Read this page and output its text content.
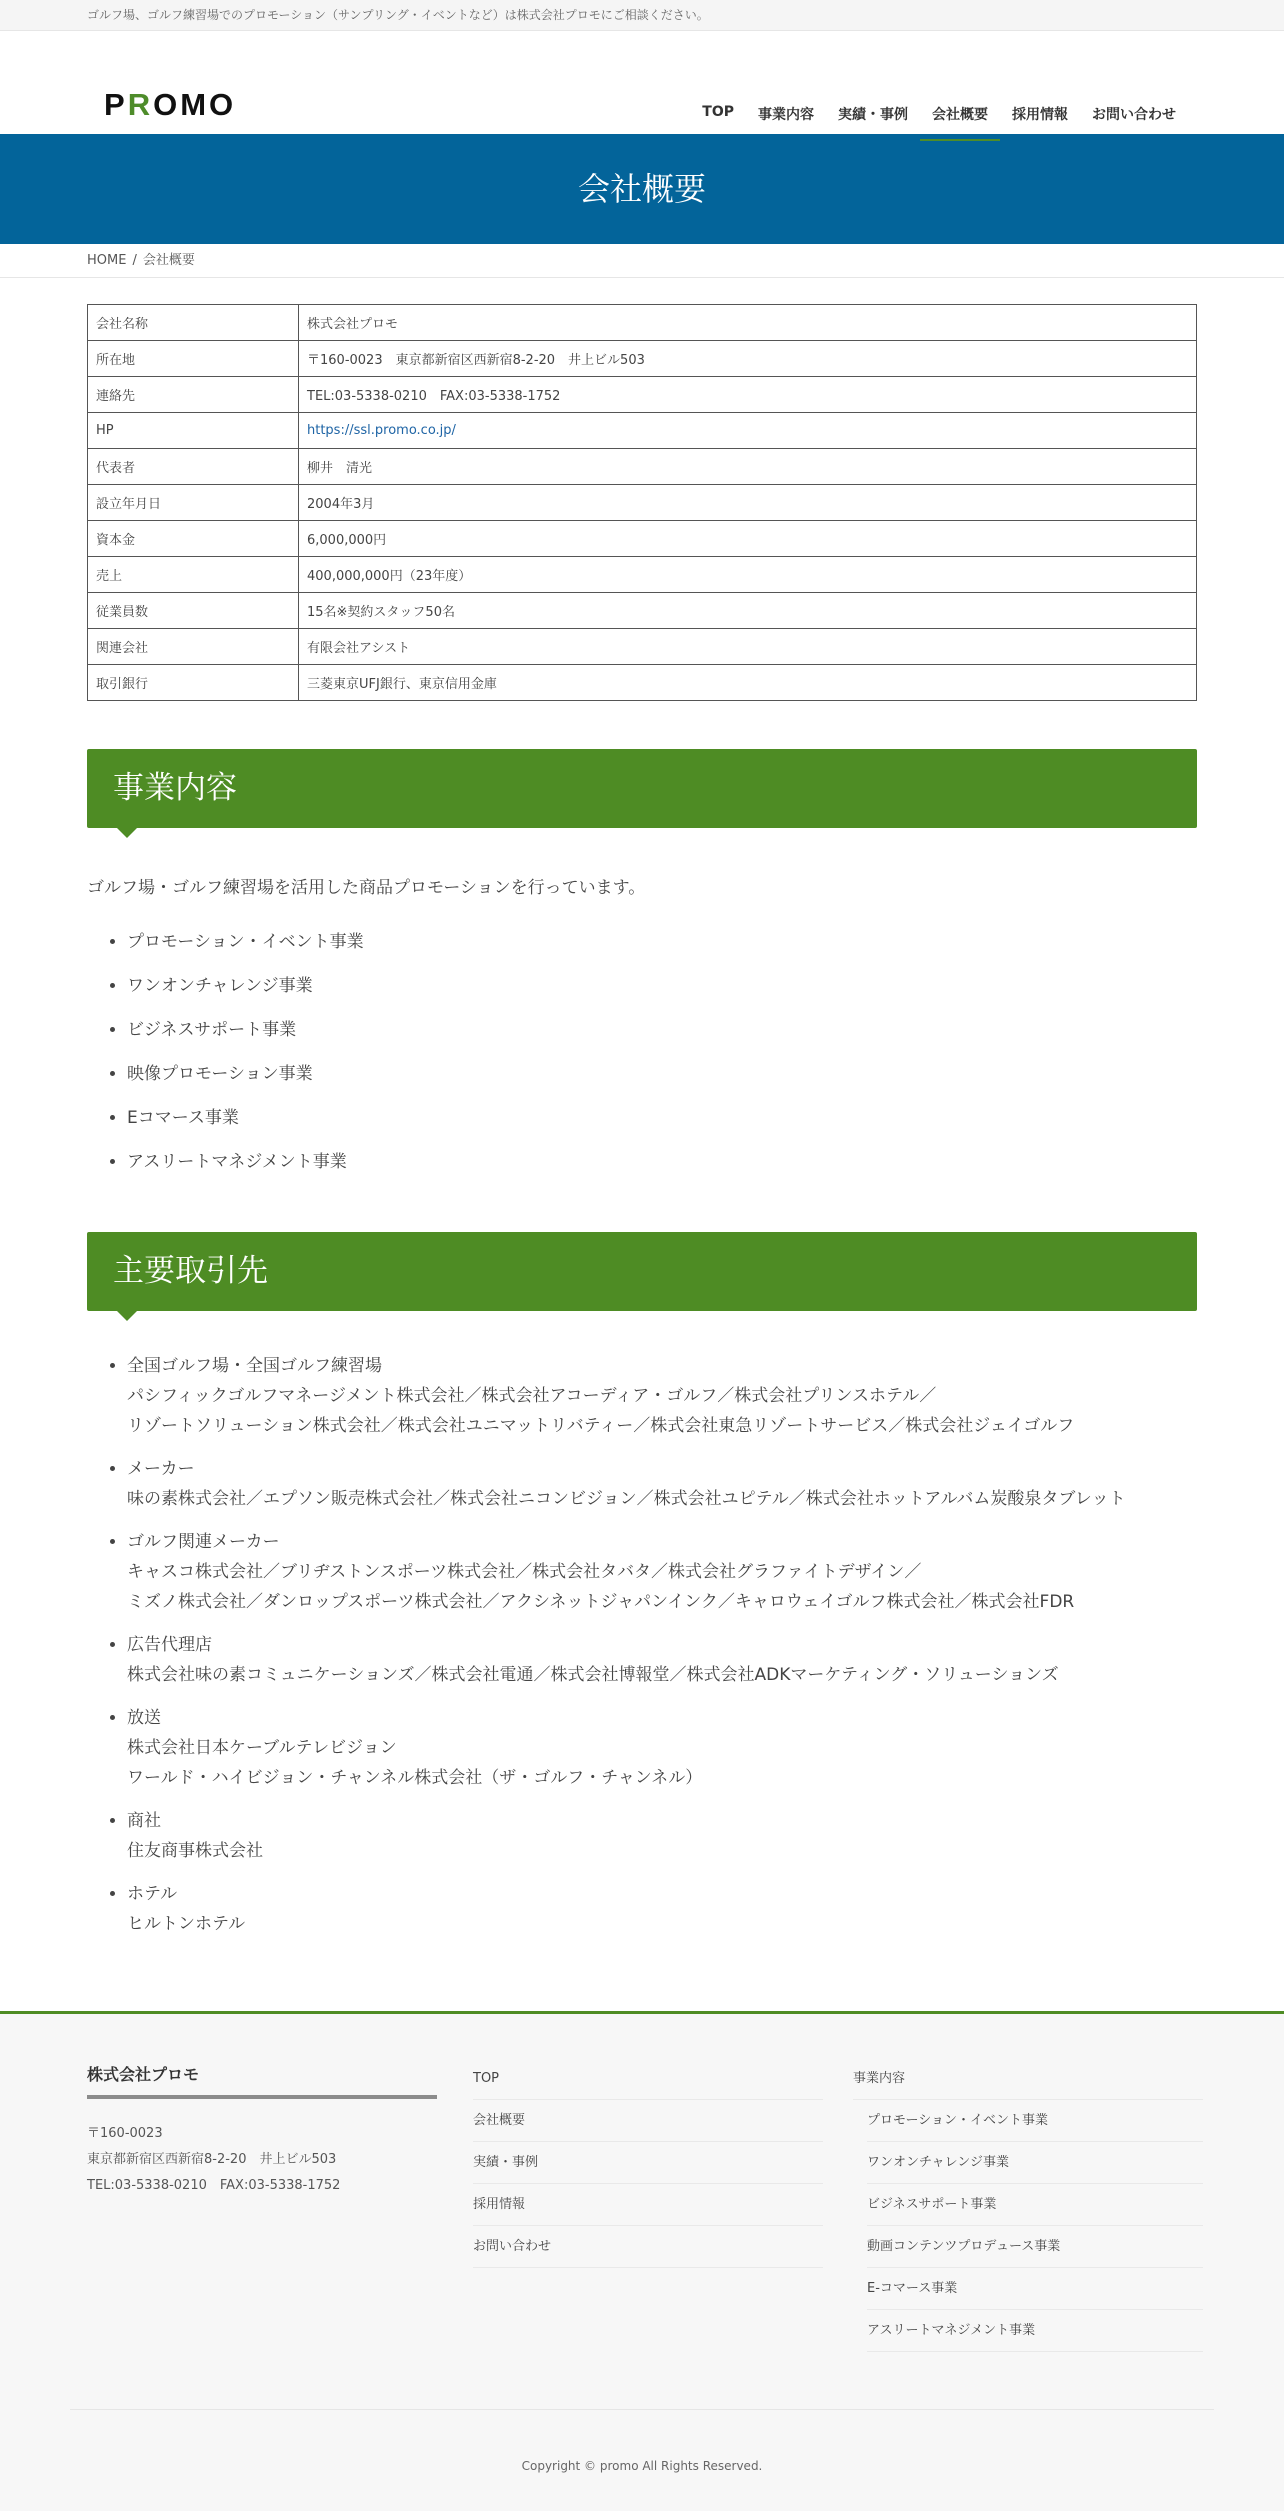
ゴルフ場、ゴルフ練習場でのプロモーション（サンプリング・イベントなど）は株式会社プロモにご相談ください。
PROMO	TOP	事業内容	実績・事例	会社概要	採用情報	お問い合わせ
会社概要
HOME / 会社概要
会社名称	株式会社プロモ
所在地	〒160-0023　東京都新宿区西新宿8-2-20　井上ビル503
連絡先	TEL:03-5338-0210　FAX:03-5338-1752
HP	https://ssl.promo.co.jp/
代表者	柳井　清光
設立年月日	2004年3月
資本金	6,000,000円
売上	400,000,000円（23年度）
従業員数	15名※契約スタッフ50名
関連会社	有限会社アシスト
取引銀行	三菱東京UFJ銀行、東京信用金庫
事業内容

ゴルフ場・ゴルフ練習場を活用した商品プロモーションを行っています。

• プロモーション・イベント事業
• ワンオンチャレンジ事業
• ビジネスサポート事業
• 映像プロモーション事業
• Eコマース事業
• アスリートマネジメント事業
主要取引先
• 全国ゴルフ場・全国ゴルフ練習場
パシフィックゴルフマネージメント株式会社／株式会社アコーディア・ゴルフ／株式会社プリンスホテル／
リゾートソリューション株式会社／株式会社ユニマットリバティー／株式会社東急リゾートサービス／株式会社ジェイゴルフ
• メーカー
味の素株式会社／エプソン販売株式会社／株式会社ニコンビジョン／株式会社ユピテル／株式会社ホットアルバム炭酸泉タブレット
• ゴルフ関連メーカー
キャスコ株式会社／ブリヂストンスポーツ株式会社／株式会社タバタ／株式会社グラファイトデザイン／
ミズノ株式会社／ダンロップスポーツ株式会社／アクシネットジャパンインク／キャロウェイゴルフ株式会社／株式会社FDR
• 広告代理店
株式会社味の素コミュニケーションズ／株式会社電通／株式会社博報堂／株式会社ADKマーケティング・ソリューションズ
• 放送
株式会社日本ケーブルテレビジョン
ワールド・ハイビジョン・チャンネル株式会社（ザ・ゴルフ・チャンネル）
• 商社
住友商事株式会社
• ホテル
ヒルトンホテル
株式会社プロモ
〒160-0023
東京都新宿区西新宿8-2-20　井上ビル503
TEL:03-5338-0210　FAX:03-5338-1752
TOP
会社概要
実績・事例
採用情報
お問い合わせ
事業内容
プロモーション・イベント事業
ワンオンチャレンジ事業
ビジネスサポート事業
動画コンテンツプロデュース事業
E-コマース事業
アスリートマネジメント事業
Copyright © promo All Rights Reserved.
